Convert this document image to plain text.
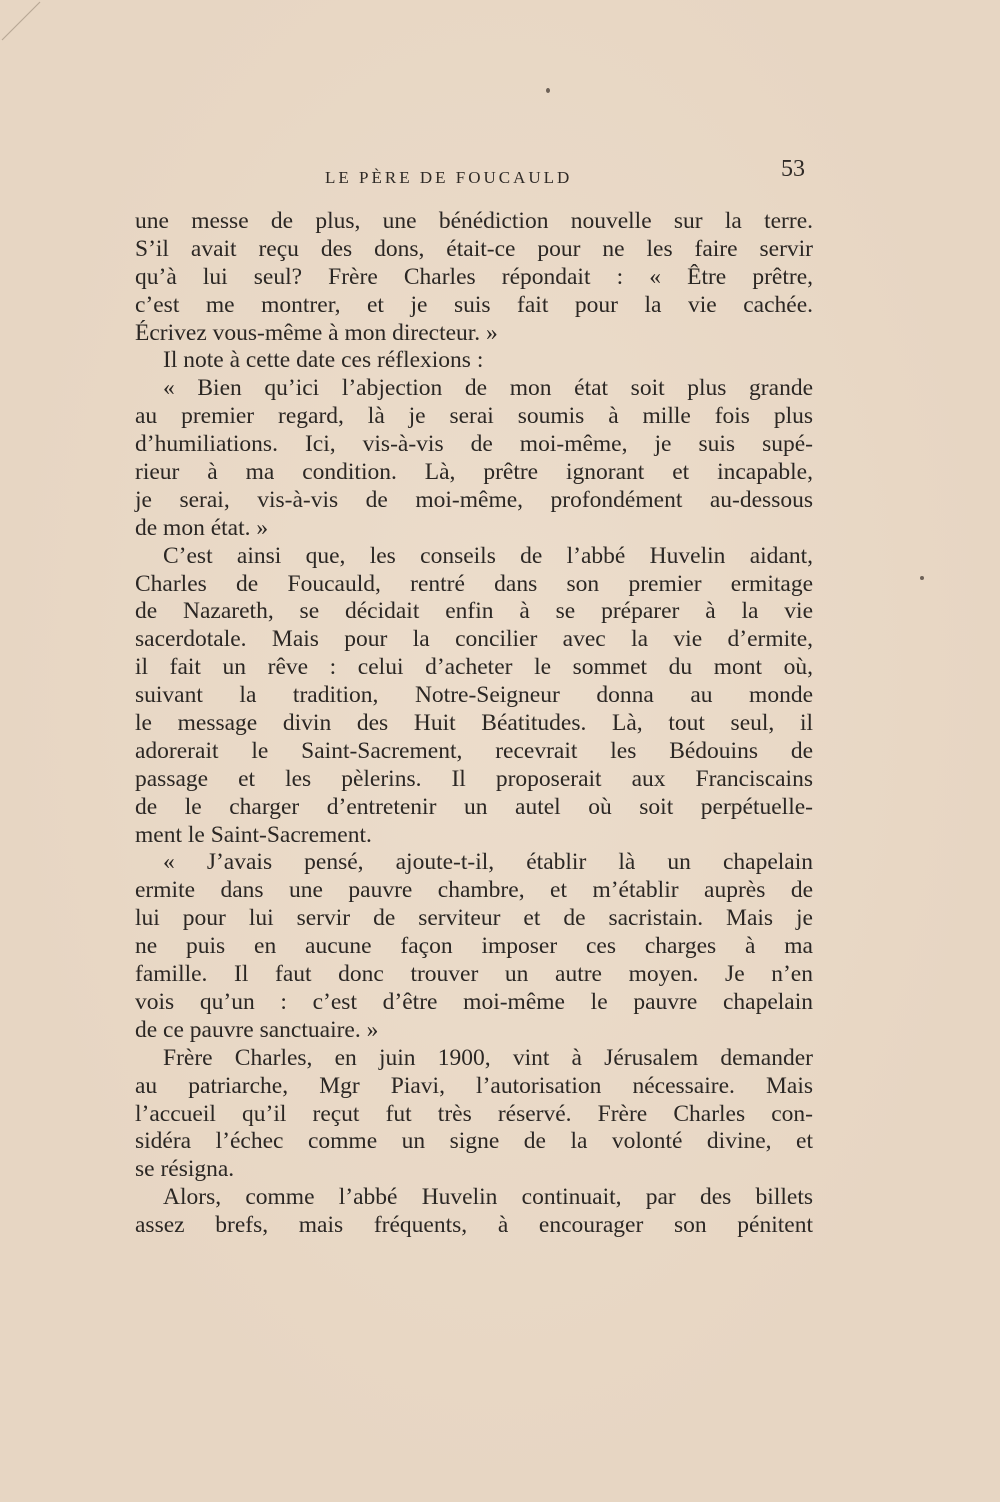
LE PÈRE DE FOUCAULD	53
une messe de plus, une bénédiction nouvelle sur la terre.
S’il avait reçu des dons, était-ce pour ne les faire servir
qu’à lui seul? Frère Charles répondait : « Être prêtre,
c’est me montrer, et je suis fait pour la vie cachée.
Écrivez vous-même à mon directeur. »
Il note à cette date ces réflexions :
« Bien qu’ici l’abjection de mon état soit plus grande
au premier regard, là je serai soumis à mille fois plus
d’humiliations. Ici, vis-à-vis de moi-même, je suis supé-
rieur à ma condition. Là, prêtre ignorant et incapable,
je serai, vis-à-vis de moi-même, profondément au-dessous
de mon état. »
C’est ainsi que, les conseils de l’abbé Huvelin aidant,
Charles de Foucauld, rentré dans son premier ermitage
de Nazareth, se décidait enfin à se préparer à la vie
sacerdotale. Mais pour la concilier avec la vie d’ermite,
il fait un rêve : celui d’acheter le sommet du mont où,
suivant la tradition, Notre-Seigneur donna au monde
le message divin des Huit Béatitudes. Là, tout seul, il
adorerait le Saint-Sacrement, recevrait les Bédouins de
passage et les pèlerins. Il proposerait aux Franciscains
de le charger d’entretenir un autel où soit perpétuelle-
ment le Saint-Sacrement.
« J’avais pensé, ajoute-t-il, établir là un chapelain
ermite dans une pauvre chambre, et m’établir auprès de
lui pour lui servir de serviteur et de sacristain. Mais je
ne puis en aucune façon imposer ces charges à ma
famille. Il faut donc trouver un autre moyen. Je n’en
vois qu’un : c’est d’être moi-même le pauvre chapelain
de ce pauvre sanctuaire. »
Frère Charles, en juin 1900, vint à Jérusalem demander
au patriarche, Mgr Piavi, l’autorisation nécessaire. Mais
l’accueil qu’il reçut fut très réservé. Frère Charles con-
sidéra l’échec comme un signe de la volonté divine, et
se résigna.
Alors, comme l’abbé Huvelin continuait, par des billets
assez brefs, mais fréquents, à encourager son pénitent
